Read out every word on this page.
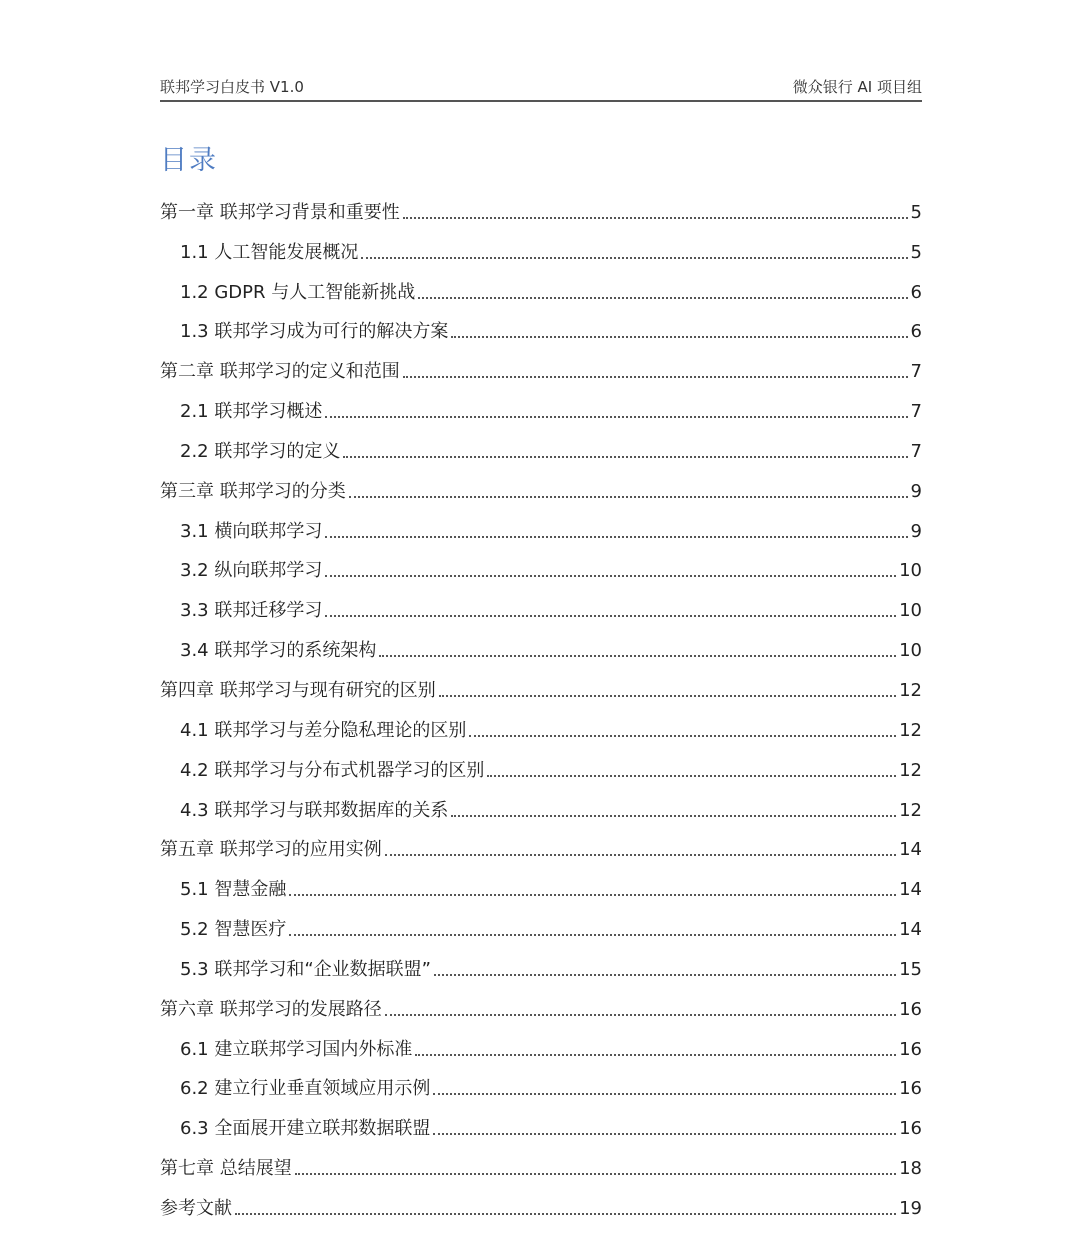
联邦学习白皮书 V1.0	微众银行 AI 项目组
目录
第一章 联邦学习背景和重要性	5
1.1 人工智能发展概况	5
1.2 GDPR 与人工智能新挑战	6
1.3 联邦学习成为可行的解决方案	6
第二章 联邦学习的定义和范围	7
2.1 联邦学习概述	7
2.2 联邦学习的定义	7
第三章 联邦学习的分类	9
3.1 横向联邦学习	9
3.2 纵向联邦学习	10
3.3 联邦迁移学习	10
3.4 联邦学习的系统架构	10
第四章 联邦学习与现有研究的区别	12
4.1 联邦学习与差分隐私理论的区别	12
4.2 联邦学习与分布式机器学习的区别	12
4.3 联邦学习与联邦数据库的关系	12
第五章 联邦学习的应用实例	14
5.1 智慧金融	14
5.2 智慧医疗	14
5.3 联邦学习和“企业数据联盟”	15
第六章 联邦学习的发展路径	16
6.1 建立联邦学习国内外标准	16
6.2 建立行业垂直领域应用示例	16
6.3 全面展开建立联邦数据联盟	16
第七章 总结展望	18
参考文献	19
